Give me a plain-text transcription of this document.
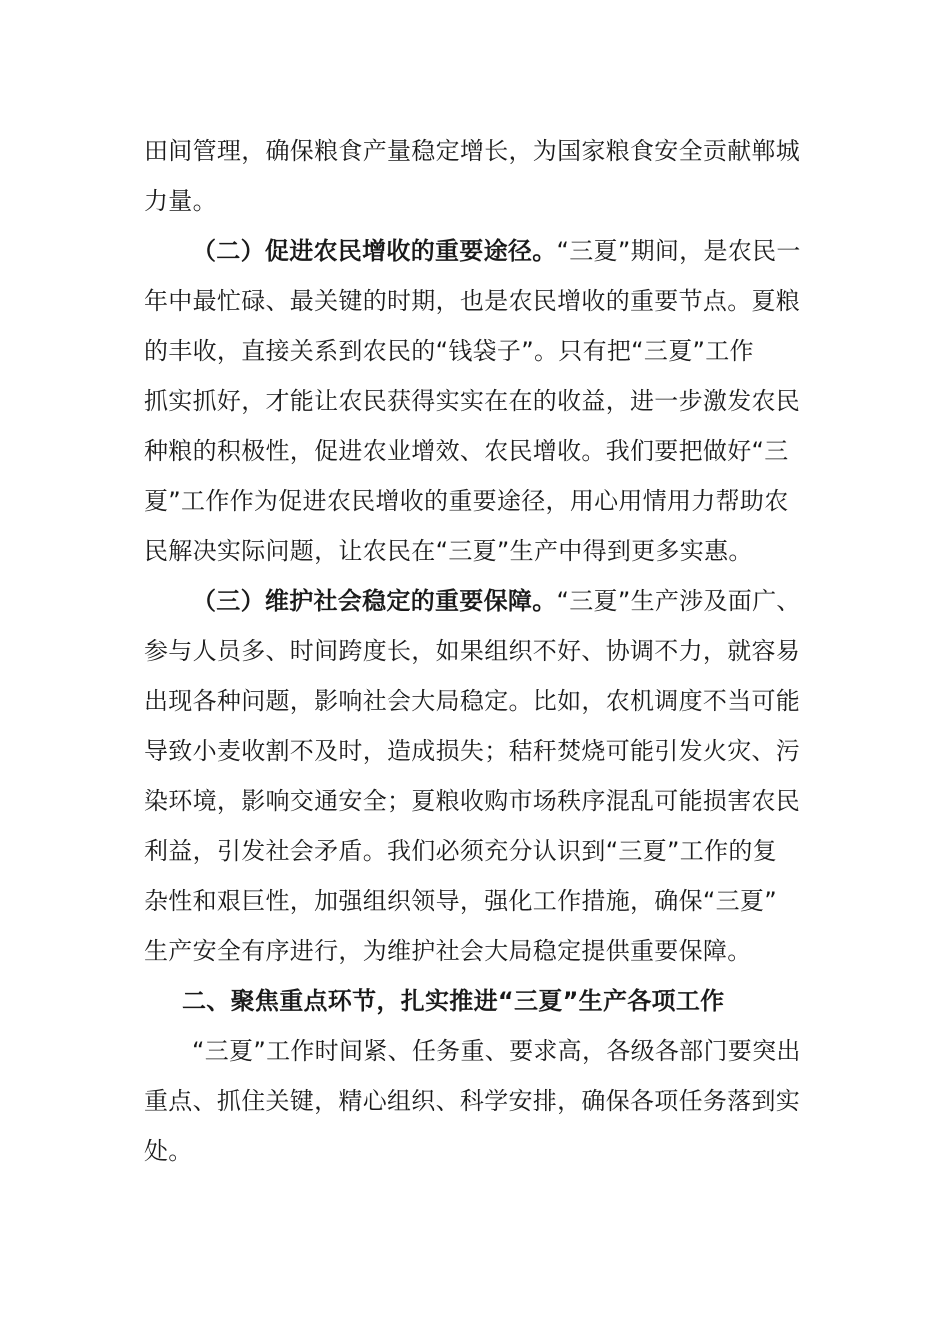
田间管理，确保粮食产量稳定增长，为国家粮食安全贡献郸城
力量。
（二）促进农民增收的重要途径。“三夏”期间，是农民一
年中最忙碌、最关键的时期，也是农民增收的重要节点。夏粮
的丰收，直接关系到农民的“钱袋子”。只有把“三夏”工作
抓实抓好，才能让农民获得实实在在的收益，进一步激发农民
种粮的积极性，促进农业增效、农民增收。我们要把做好“三
夏”工作作为促进农民增收的重要途径，用心用情用力帮助农
民解决实际问题，让农民在“三夏”生产中得到更多实惠。
（三）维护社会稳定的重要保障。“三夏”生产涉及面广、
参与人员多、时间跨度长，如果组织不好、协调不力，就容易
出现各种问题，影响社会大局稳定。比如，农机调度不当可能
导致小麦收割不及时，造成损失；秸秆焚烧可能引发火灾、污
染环境，影响交通安全；夏粮收购市场秩序混乱可能损害农民
利益，引发社会矛盾。我们必须充分认识到“三夏”工作的复
杂性和艰巨性，加强组织领导，强化工作措施，确保“三夏”
生产安全有序进行，为维护社会大局稳定提供重要保障。
二、聚焦重点环节，扎实推进“三夏”生产各项工作
“三夏”工作时间紧、任务重、要求高，各级各部门要突出
重点、抓住关键，精心组织、科学安排，确保各项任务落到实
处。
